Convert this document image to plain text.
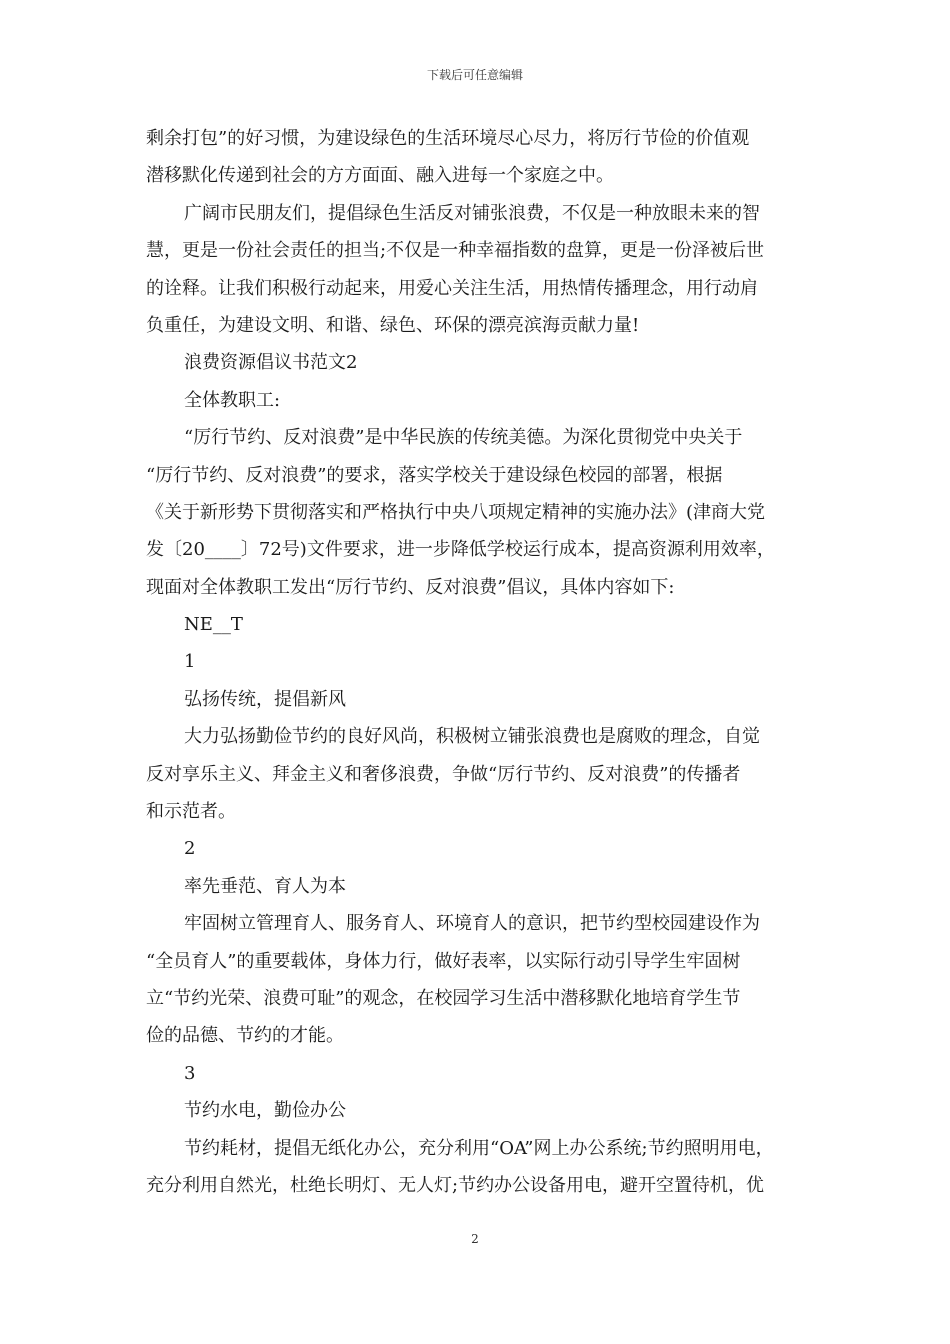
下载后可任意编辑
剩余打包”的好习惯，为建设绿色的生活环境尽心尽力，将厉行节俭的价值观
潜移默化传递到社会的方方面面、融入进每一个家庭之中。
广阔市民朋友们，提倡绿色生活反对铺张浪费，不仅是一种放眼未来的智
慧，更是一份社会责任的担当;不仅是一种幸福指数的盘算，更是一份泽被后世
的诠释。让我们积极行动起来，用爱心关注生活，用热情传播理念，用行动肩
负重任，为建设文明、和谐、绿色、环保的漂亮滨海贡献力量!
浪费资源倡议书范文2
全体教职工:
“厉行节约、反对浪费”是中华民族的传统美德。为深化贯彻党中央关于
“厉行节约、反对浪费”的要求，落实学校关于建设绿色校园的部署，根据
《关于新形势下贯彻落实和严格执行中央八项规定精神的实施办法》(津商大党
发〔20____〕72号)文件要求，进一步降低学校运行成本，提高资源利用效率，
现面对全体教职工发出“厉行节约、反对浪费”倡议，具体内容如下:
NE__T
1
弘扬传统，提倡新风
大力弘扬勤俭节约的良好风尚，积极树立铺张浪费也是腐败的理念，自觉
反对享乐主义、拜金主义和奢侈浪费，争做“厉行节约、反对浪费”的传播者
和示范者。
2
率先垂范、育人为本
牢固树立管理育人、服务育人、环境育人的意识，把节约型校园建设作为
“全员育人”的重要载体，身体力行，做好表率，以实际行动引导学生牢固树
立“节约光荣、浪费可耻”的观念，在校园学习生活中潜移默化地培育学生节
俭的品德、节约的才能。
3
节约水电，勤俭办公
节约耗材，提倡无纸化办公，充分利用“OA”网上办公系统;节约照明用电，
充分利用自然光，杜绝长明灯、无人灯;节约办公设备用电，避开空置待机，优
2
